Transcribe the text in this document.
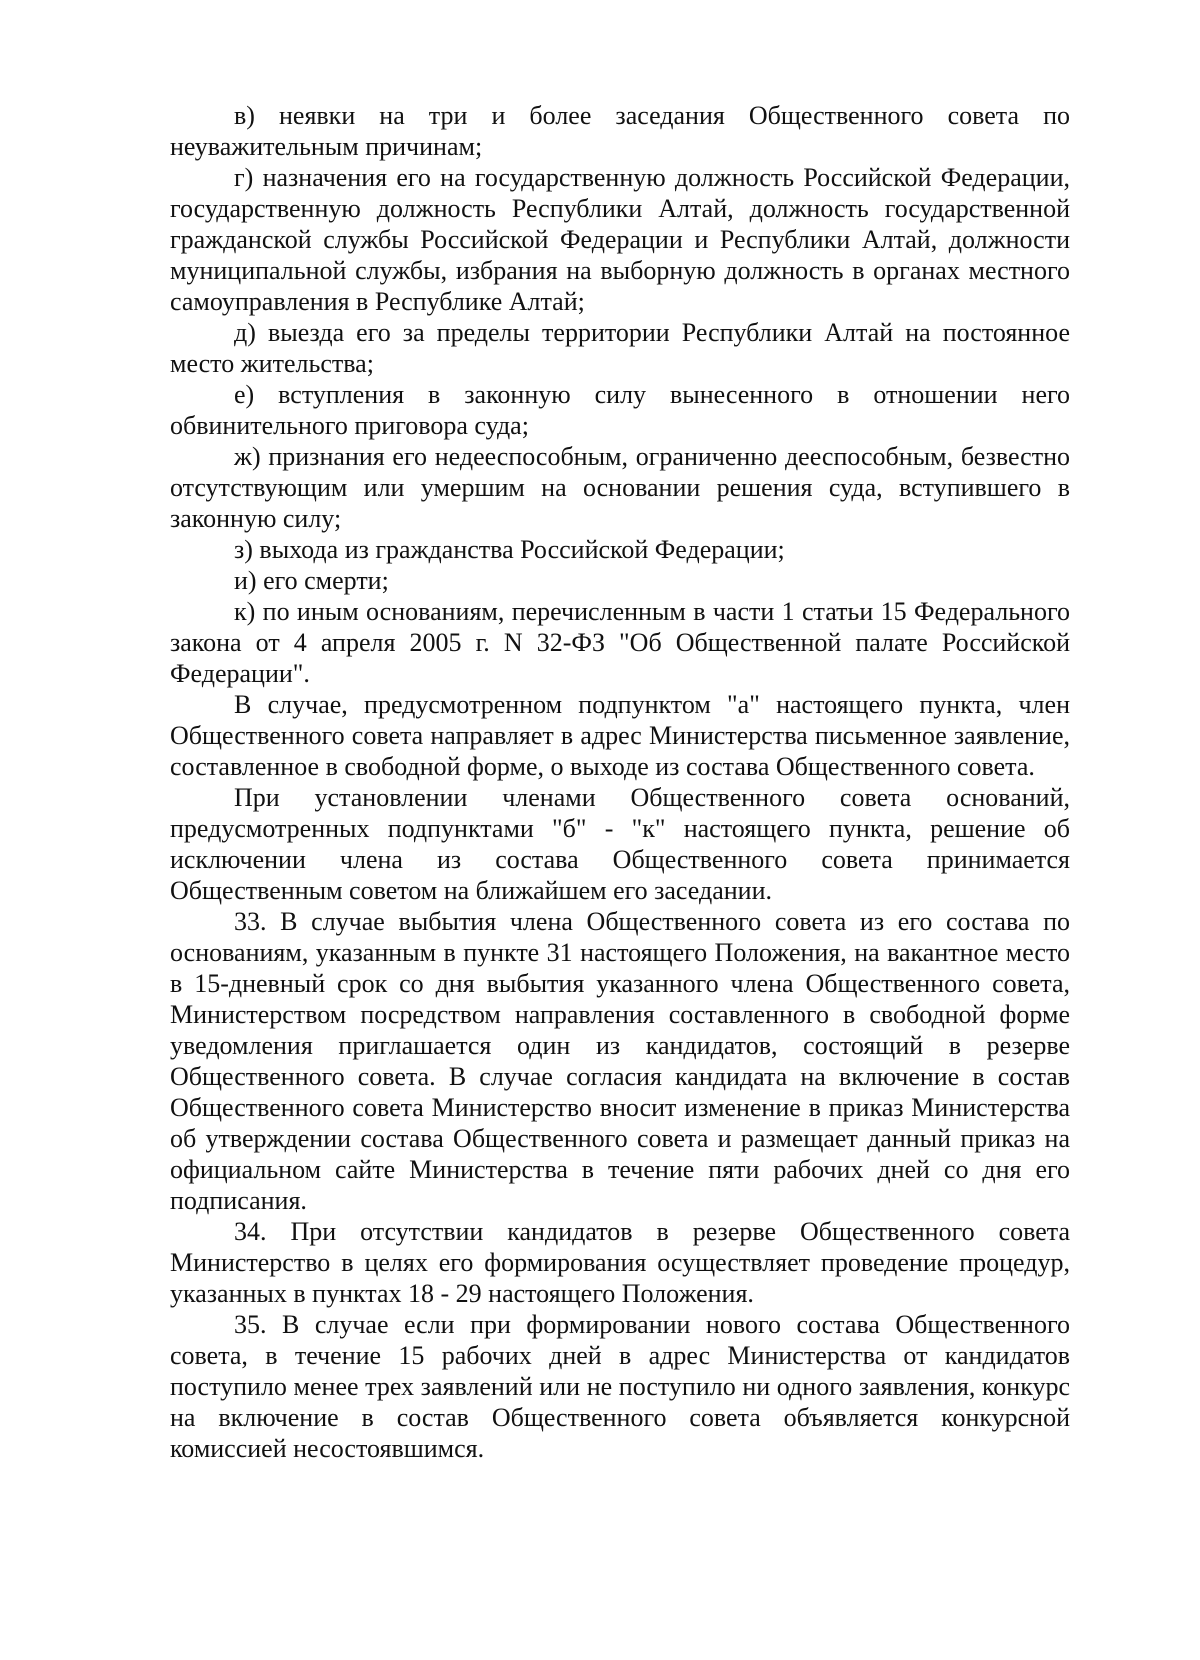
в) неявки на три и более заседания Общественного совета по неуважительным причинам;

г) назначения его на государственную должность Российской Федерации, государственную должность Республики Алтай, должность государственной гражданской службы Российской Федерации и Республики Алтай, должности муниципальной службы, избрания на выборную должность в органах местного самоуправления в Республике Алтай;

д) выезда его за пределы территории Республики Алтай на постоянное место жительства;

е) вступления в законную силу вынесенного в отношении него обвинительного приговора суда;

ж) признания его недееспособным, ограниченно дееспособным, безвестно отсутствующим или умершим на основании решения суда, вступившего в законную силу;

з) выхода из гражданства Российской Федерации;

и) его смерти;

к) по иным основаниям, перечисленным в части 1 статьи 15 Федерального закона от 4 апреля 2005 г. N 32-ФЗ "Об Общественной палате Российской Федерации".

В случае, предусмотренном подпунктом "а" настоящего пункта, член Общественного совета направляет в адрес Министерства письменное заявление, составленное в свободной форме, о выходе из состава Общественного совета.

При установлении членами Общественного совета оснований, предусмотренных подпунктами "б" - "к" настоящего пункта, решение об исключении члена из состава Общественного совета принимается Общественным советом на ближайшем его заседании.

33. В случае выбытия члена Общественного совета из его состава по основаниям, указанным в пункте 31 настоящего Положения, на вакантное место в 15-дневный срок со дня выбытия указанного члена Общественного совета, Министерством посредством направления составленного в свободной форме уведомления приглашается один из кандидатов, состоящий в резерве Общественного совета. В случае согласия кандидата на включение в состав Общественного совета Министерство вносит изменение в приказ Министерства об утверждении состава Общественного совета и размещает данный приказ на официальном сайте Министерства в течение пяти рабочих дней со дня его подписания.

34. При отсутствии кандидатов в резерве Общественного совета Министерство в целях его формирования осуществляет проведение процедур, указанных в пунктах 18 - 29 настоящего Положения.

35. В случае если при формировании нового состава Общественного совета, в течение 15 рабочих дней в адрес Министерства от кандидатов поступило менее трех заявлений или не поступило ни одного заявления, конкурс на включение в состав Общественного совета объявляется конкурсной комиссией несостоявшимся.
